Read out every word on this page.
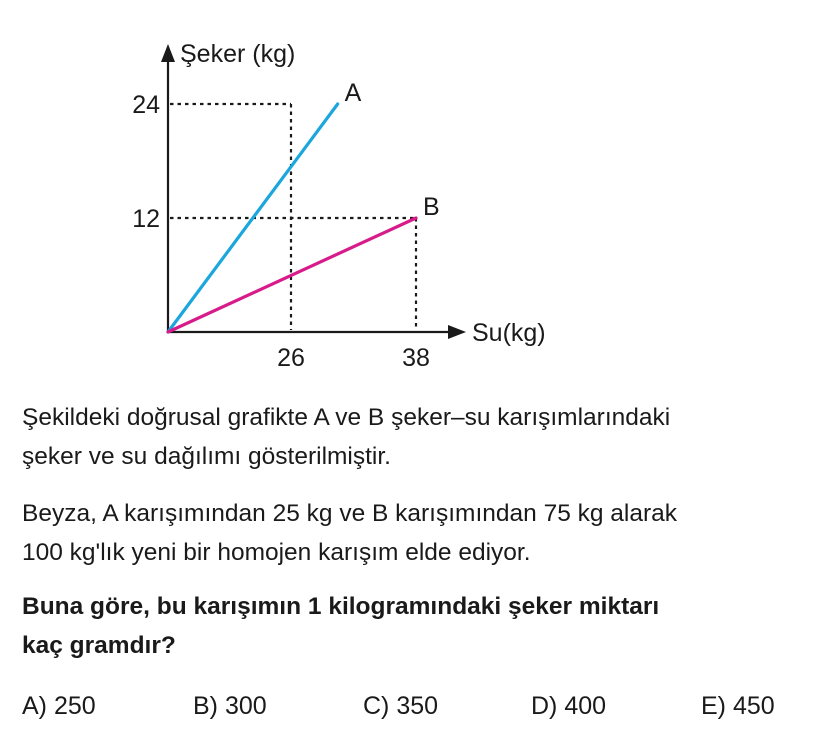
Şeker (kg)
Su(kg)
24
12
26	38
A
B
Şekildeki doğrusal grafikte A ve B şeker–su karışımlarındaki
şeker ve su dağılımı gösterilmiştir.
Beyza, A karışımından 25 kg ve B karışımından 75 kg alarak
100 kg'lık yeni bir homojen karışım elde ediyor.
Buna göre, bu karışımın 1 kilogramındaki şeker miktarı
kaç gramdır?
A) 250	B) 300	C) 350	D) 400	E) 450
